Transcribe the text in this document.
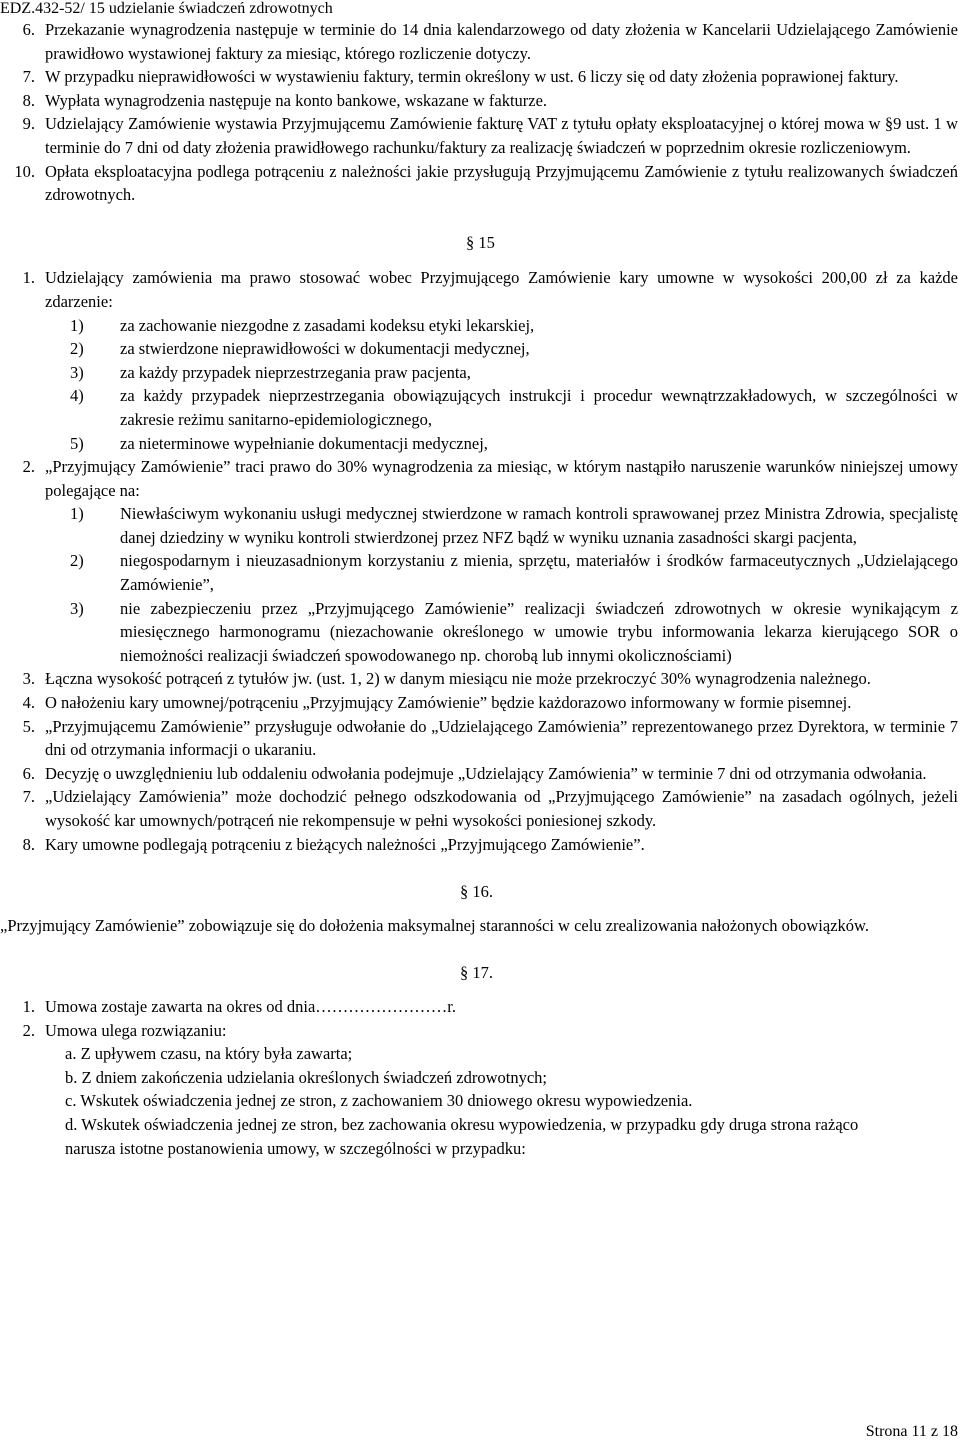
EDZ.432-52/ 15 udzielanie świadczeń zdrowotnych
6. Przekazanie wynagrodzenia następuje w terminie do 14 dnia kalendarzowego od daty złożenia w Kancelarii Udzielającego Zamówienie prawidłowo wystawionej faktury za miesiąc, którego rozliczenie dotyczy.
7. W przypadku nieprawidłowości w wystawieniu faktury, termin określony w ust. 6 liczy się od daty złożenia poprawionej faktury.
8. Wypłata wynagrodzenia następuje na konto bankowe, wskazane w fakturze.
9. Udzielający Zamówienie wystawia Przyjmującemu Zamówienie fakturę VAT z tytułu opłaty eksploatacyjnej o której mowa w §9 ust. 1 w terminie do 7 dni od daty złożenia prawidłowego rachunku/faktury za realizację świadczeń w poprzednim okresie rozliczeniowym.
10. Opłata eksploatacyjna podlega potrąceniu z należności jakie przysługują Przyjmującemu Zamówienie z tytułu realizowanych świadczeń zdrowotnych.
§ 15
1. Udzielający zamówienia ma prawo stosować wobec Przyjmującego Zamówienie kary umowne w wysokości 200,00 zł za każde zdarzenie:
1)	za zachowanie niezgodne z zasadami kodeksu etyki lekarskiej,
2)	za stwierdzone nieprawidłowości w dokumentacji medycznej,
3)	za każdy przypadek nieprzestrzegania praw pacjenta,
4)	za każdy przypadek nieprzestrzegania obowiązujących instrukcji i procedur wewnątrzzakładowych, w szczególności w zakresie reżimu sanitarno-epidemiologicznego,
5)	za nieterminowe wypełnianie dokumentacji medycznej,
2. „Przyjmujący Zamówienie” traci prawo do 30% wynagrodzenia za miesiąc, w którym nastąpiło naruszenie warunków niniejszej umowy polegające na:
1)	Niewłaściwym wykonaniu usługi medycznej stwierdzone w ramach kontroli sprawowanej przez Ministra Zdrowia, specjalistę danej dziedziny w wyniku kontroli stwierdzonej przez NFZ bądź w wyniku uznania zasadności skargi pacjenta,
2)	niegospodarnym i nieuzasadnionym korzystaniu z mienia, sprzętu, materiałów i środków farmaceutycznych „Udzielającego Zamówienie”,
3)	nie zabezpieczeniu przez „Przyjmującego Zamówienie” realizacji świadczeń zdrowotnych w okresie wynikającym z miesięcznego harmonogramu (niezachowanie określonego w umowie trybu informowania lekarza kierującego SOR o niemożności realizacji świadczeń spowodowanego np. chorobą lub innymi okolicznościami)
3. Łączna wysokość potrąceń z tytułów jw. (ust. 1, 2) w danym miesiącu nie może przekroczyć 30% wynagrodzenia należnego.
4. O nałożeniu kary umownej/potrąceniu „Przyjmujący Zamówienie” będzie każdorazowo informowany w formie pisemnej.
5. „Przyjmującemu Zamówienie” przysługuje odwołanie do „Udzielającego Zamówienia” reprezentowanego przez Dyrektora, w terminie 7 dni od otrzymania informacji o ukaraniu.
6. Decyzję o uwzględnieniu lub oddaleniu odwołania podejmuje „Udzielający Zamówienia” w terminie 7 dni od otrzymania odwołania.
7. „Udzielający Zamówienia” może dochodzić pełnego odszkodowania od „Przyjmującego Zamówienie” na zasadach ogólnych, jeżeli wysokość kar umownych/potrąceń nie rekompensuje w pełni wysokości poniesionej szkody.
8. Kary umowne podlegają potrąceniu z bieżących należności „Przyjmującego Zamówienie”.
§ 16.
„Przyjmujący Zamówienie” zobowiązuje się do dołożenia maksymalnej staranności w celu zrealizowania nałożonych obowiązków.
§ 17.
1. Umowa zostaje zawarta na okres od dnia……………………r.
2. Umowa ulega rozwiązaniu:
a. Z upływem czasu, na który była zawarta;
b. Z dniem zakończenia udzielania określonych świadczeń zdrowotnych;
c. Wskutek oświadczenia jednej ze stron, z zachowaniem 30 dniowego okresu wypowiedzenia.
d. Wskutek oświadczenia jednej ze stron, bez zachowania okresu wypowiedzenia, w przypadku gdy druga strona rażąco narusza istotne postanowienia umowy, w szczególności w przypadku:
Strona 11 z 18
